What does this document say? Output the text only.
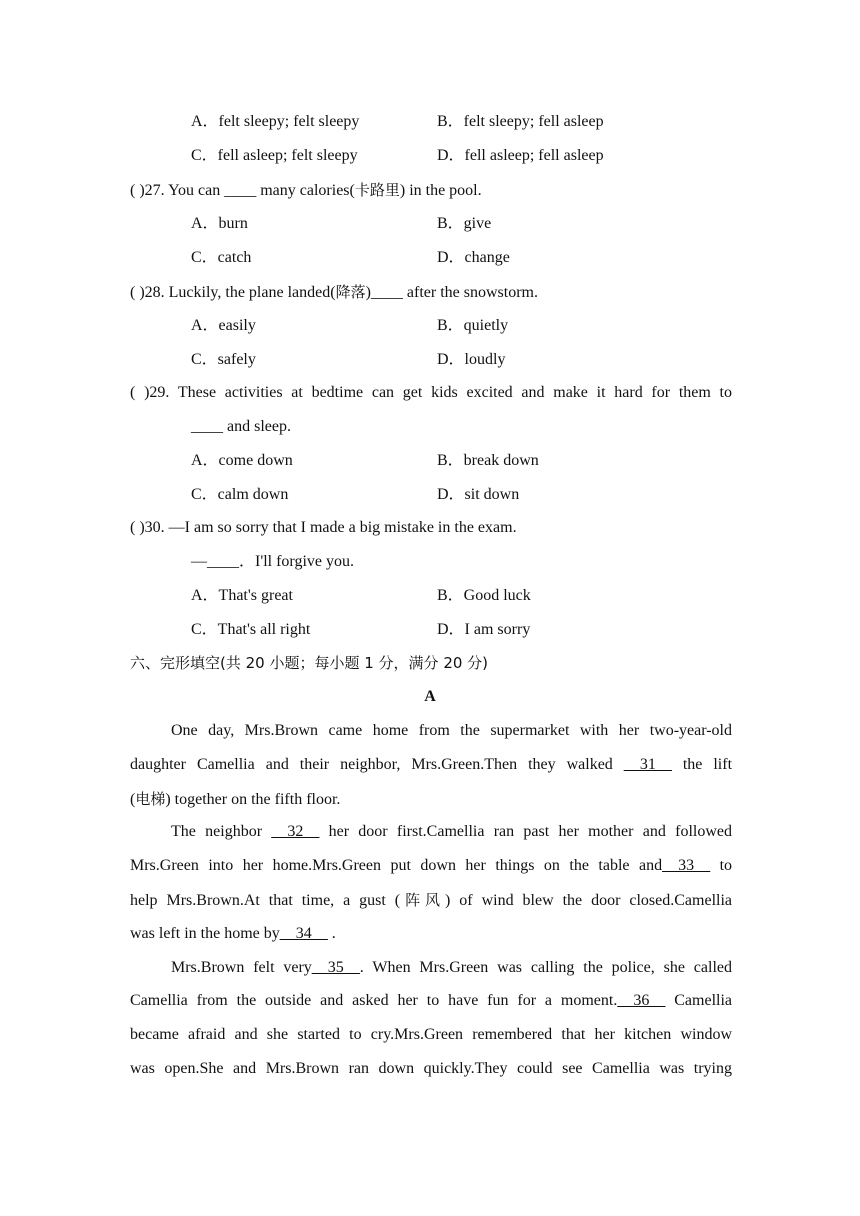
A．felt sleepy; felt sleepy	B．felt sleepy; fell asleep
C．fell asleep; felt sleepy	D．fell asleep; fell asleep
( )27. You can ____ many calories(卡路里) in the pool.
A．burn	B．give
C．catch	D．change
( )28. Luckily, the plane landed(降落)____ after the snowstorm.
A．easily	B．quietly
C．safely	D．loudly
( )29. These activities at bedtime can get kids excited and make it hard for them to
____ and sleep.
A．come down	B．break down
C．calm down	D．sit down
( )30. —I am so sorry that I made a big mistake in the exam.
—____．I'll forgive you.
A．That's great	B．Good luck
C．That's all right	D．I am sorry
六、完形填空(共 20 小题；每小题 1 分，满分 20 分)
A
One day, Mrs.Brown came home from the supermarket with her two-year-old
daughter Camellia and their neighbor, Mrs.Green.Then they walked __31__ the lift
(电梯) together on the fifth floor.
The neighbor __32__ her door first.Camellia ran past her mother and followed
Mrs.Green into her home.Mrs.Green put down her things on the table and__33__ to
help Mrs.Brown.At that time, a gust (阵风) of wind blew the door closed.Camellia
was left in the home by__34__ .
Mrs.Brown felt very__35__. When Mrs.Green was calling the police, she called
Camellia from the outside and asked her to have fun for a moment.__36__ Camellia
became afraid and she started to cry.Mrs.Green remembered that her kitchen window
was open.She and Mrs.Brown ran down quickly.They could see Camellia was trying
